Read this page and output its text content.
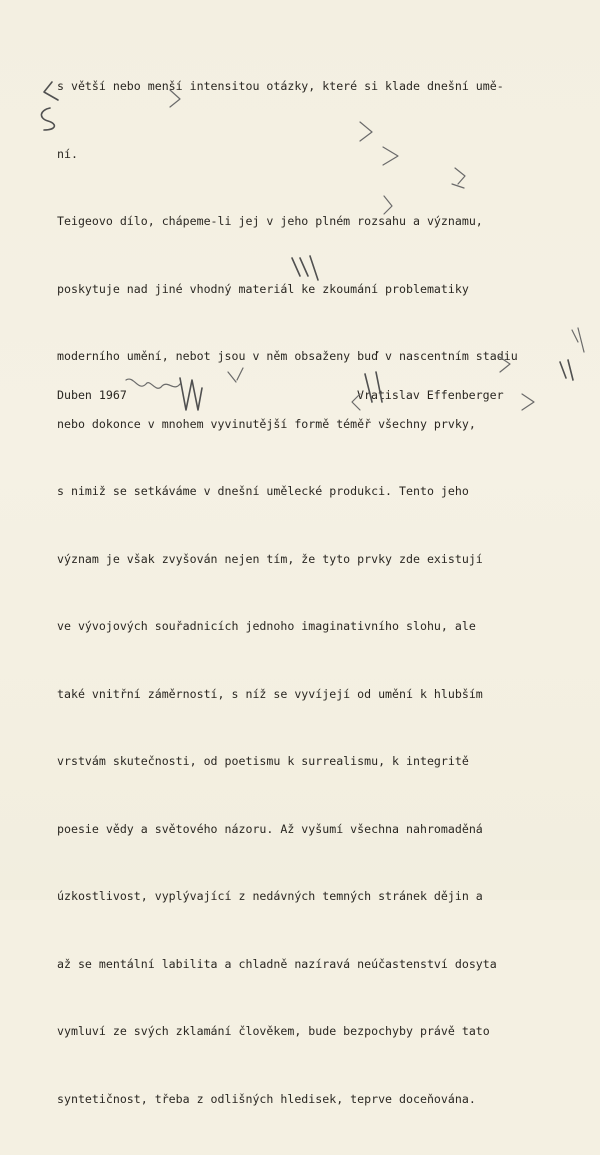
s větší nebo menší intensitou otázky, které si klade dnešní umě-

ní.

Teigeovo dílo, chápeme-li jej v jeho plném rozsahu a významu,

poskytuje nad jiné vhodný materiál ke zkoumání problematiky

moderního umění, nebot jsou v něm obsaženy buď v nascentním stadiu

nebo dokonce v mnohem vyvinutější formě téměř všechny prvky,

s nimiž se setkáváme v dnešní umělecké produkci. Tento jeho

význam je však zvyšován nejen tím, že tyto prvky zde existují

ve vývojových souřadnicích jednoho imaginativního slohu, ale

také vnitřní záměrností, s níž se vyvíjejí od umění k hlubším

vrstvám skutečnosti, od poetismu k surrealismu, k integritě

poesie vědy a světového názoru. Až vyšumí všechna nahromaděná

úzkostlivost, vyplývající z nedávných temných stránek dějin a

až se mentální labilita a chladně nazíravá neúčastenství dosyta

vymluví ze svých zklamání člověkem, bude bezpochyby právě tato

syntetičnost, třeba z odlišných hledisek, teprve doceňována.

Duben 1967	Vratislav Effenberger
